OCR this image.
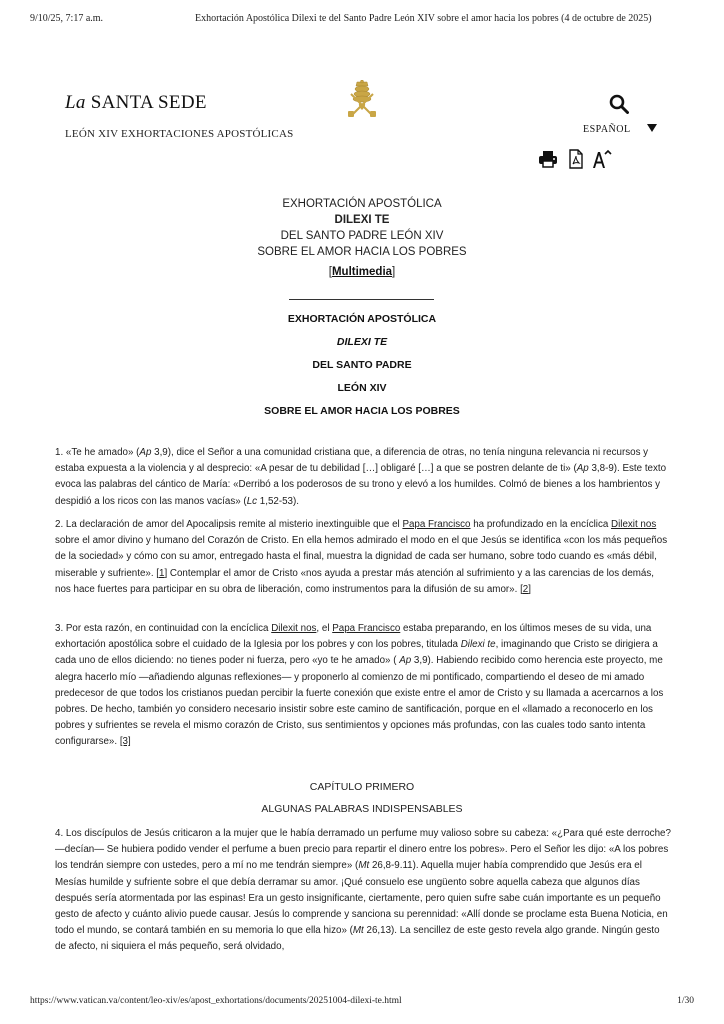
9/10/25, 7:17 a.m.	Exhortación Apostólica Dilexi te del Santo Padre León XIV sobre el amor hacia los pobres (4 de octubre de 2025)
La SANTA SEDE
LEÓN XIV EXHORTACIONES APOSTÓLICAS	ESPAÑOL
EXHORTACIÓN APOSTÓLICA
DILEXI TE
DEL SANTO PADRE LEÓN XIV
SOBRE EL AMOR HACIA LOS POBRES
[Multimedia]
EXHORTACIÓN APOSTÓLICA
DILEXI TE
DEL SANTO PADRE
LEÓN XIV
SOBRE EL AMOR HACIA LOS POBRES

1. «Te he amado» (Ap 3,9), dice el Señor a una comunidad cristiana que, a diferencia de otras, no tenía ninguna relevancia ni recursos y estaba expuesta a la violencia y al desprecio: «A pesar de tu debilidad […] obligaré […] a que se postren delante de ti» (Ap 3,8-9). Este texto evoca las palabras del cántico de María: «Derribó a los poderosos de su trono y elevó a los humildes. Colmó de bienes a los hambrientos y despidió a los ricos con las manos vacías» (Lc 1,52-53).

2. La declaración de amor del Apocalipsis remite al misterio inextinguible que el Papa Francisco ha profundizado en la encíclica Dilexit nos sobre el amor divino y humano del Corazón de Cristo. En ella hemos admirado el modo en el que Jesús se identifica «con los más pequeños de la sociedad» y cómo con su amor, entregado hasta el final, muestra la dignidad de cada ser humano, sobre todo cuando es «más débil, miserable y sufriente». [1] Contemplar el amor de Cristo «nos ayuda a prestar más atención al sufrimiento y a las carencias de los demás, nos hace fuertes para participar en su obra de liberación, como instrumentos para la difusión de su amor». [2]

3. Por esta razón, en continuidad con la encíclica Dilexit nos, el Papa Francisco estaba preparando, en los últimos meses de su vida, una exhortación apostólica sobre el cuidado de la Iglesia por los pobres y con los pobres, titulada Dilexi te, imaginando que Cristo se dirigiera a cada uno de ellos diciendo: no tienes poder ni fuerza, pero «yo te he amado» ( Ap 3,9). Habiendo recibido como herencia este proyecto, me alegra hacerlo mío —añadiendo algunas reflexiones— y proponerlo al comienzo de mi pontificado, compartiendo el deseo de mi amado predecesor de que todos los cristianos puedan percibir la fuerte conexión que existe entre el amor de Cristo y su llamada a acercarnos a los pobres. De hecho, también yo considero necesario insistir sobre este camino de santificación, porque en el «llamado a reconocerlo en los pobres y sufrientes se revela el mismo corazón de Cristo, sus sentimientos y opciones más profundas, con las cuales todo santo intenta configurarse». [3]

CAPÍTULO PRIMERO
ALGUNAS PALABRAS INDISPENSABLES

4. Los discípulos de Jesús criticaron a la mujer que le había derramado un perfume muy valioso sobre su cabeza: «¿Para qué este derroche? —decían— Se hubiera podido vender el perfume a buen precio para repartir el dinero entre los pobres». Pero el Señor les dijo: «A los pobres los tendrán siempre con ustedes, pero a mí no me tendrán siempre» (Mt 26,8-9.11). Aquella mujer había comprendido que Jesús era el Mesías humilde y sufriente sobre el que debía derramar su amor. ¡Qué consuelo ese ungüento sobre aquella cabeza que algunos días después sería atormentada por las espinas! Era un gesto insignificante, ciertamente, pero quien sufre sabe cuán importante es un pequeño gesto de afecto y cuánto alivio puede causar. Jesús lo comprende y sanciona su perennidad: «Allí donde se proclame esta Buena Noticia, en todo el mundo, se contará también en su memoria lo que ella hizo» (Mt 26,13). La sencillez de este gesto revela algo grande. Ningún gesto de afecto, ni siquiera el más pequeño, será olvidado,

https://www.vatican.va/content/leo-xiv/es/apost_exhortations/documents/20251004-dilexi-te.html	1/30
